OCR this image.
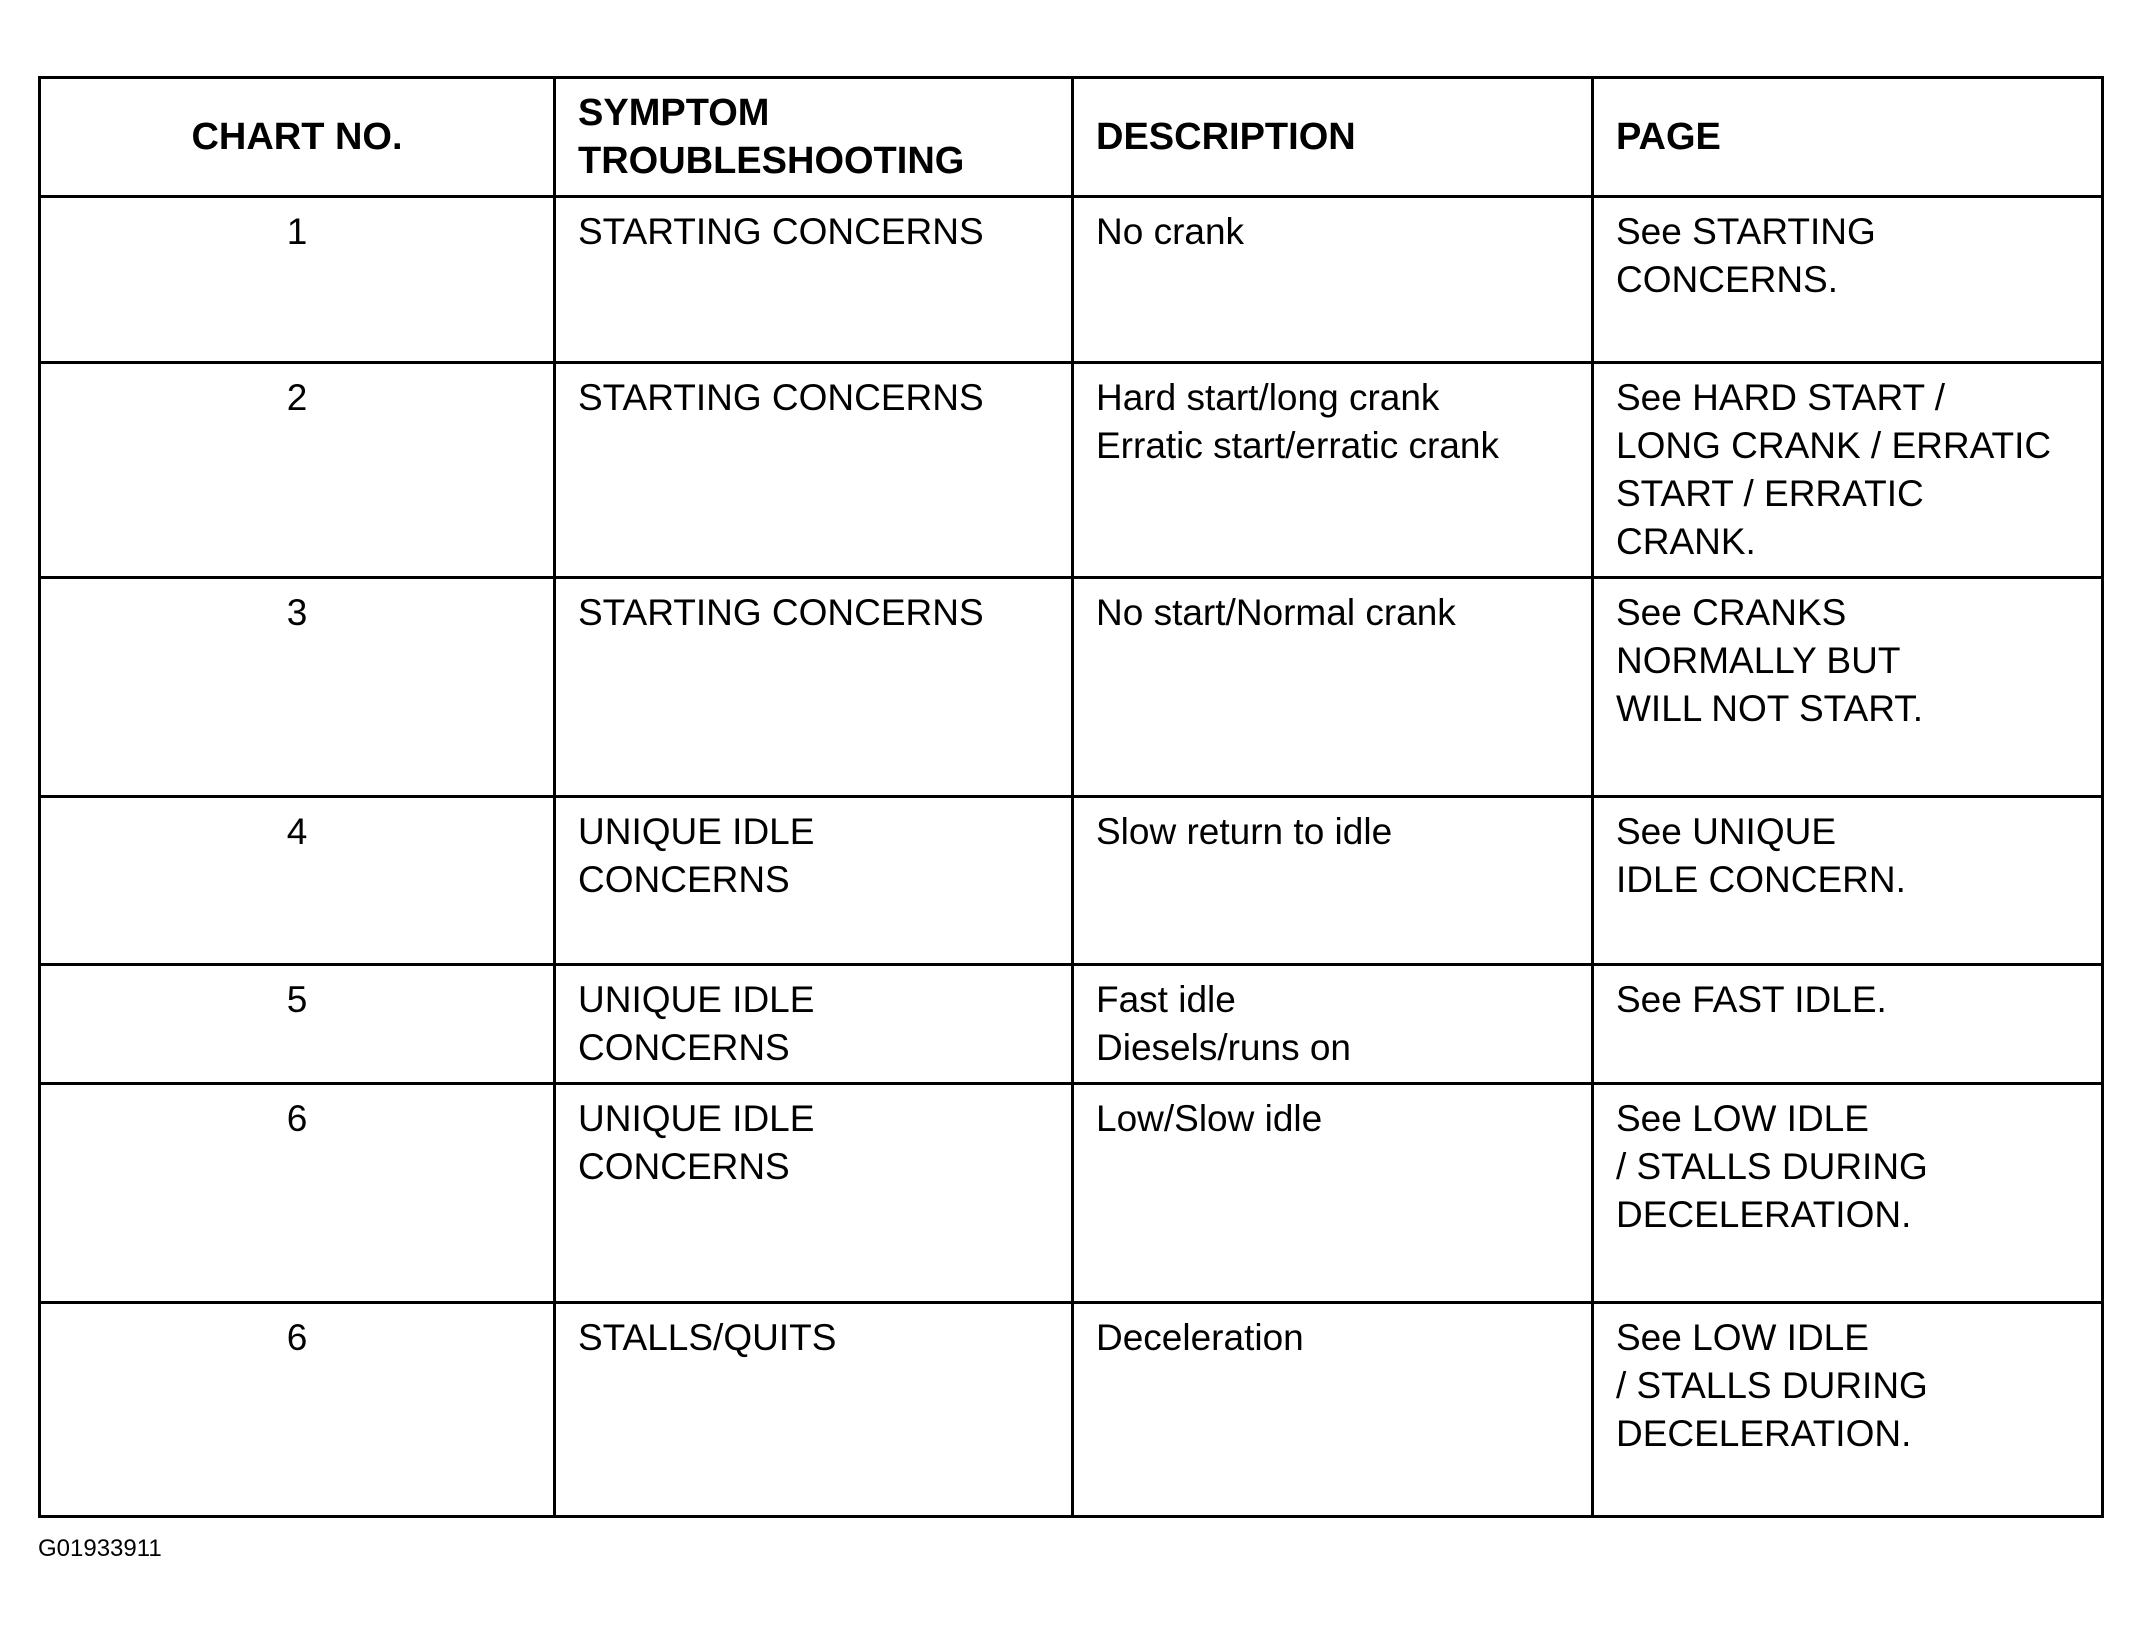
CHART NO.	SYMPTOM
TROUBLESHOOTING	DESCRIPTION	PAGE

1	STARTING CONCERNS	No crank	See STARTING
CONCERNS.

2	STARTING CONCERNS	Hard start/long crank
Erratic start/erratic crank	See HARD START /
LONG CRANK / ERRATIC
START / ERRATIC
CRANK.

3	STARTING CONCERNS	No start/Normal crank	See CRANKS
NORMALLY BUT
WILL NOT START.

4	UNIQUE IDLE
CONCERNS	Slow return to idle	See UNIQUE
IDLE CONCERN.

5	UNIQUE IDLE
CONCERNS	Fast idle
Diesels/runs on	See FAST IDLE.

6	UNIQUE IDLE
CONCERNS	Low/Slow idle	See LOW IDLE
/ STALLS DURING
DECELERATION.

6	STALLS/QUITS	Deceleration	See LOW IDLE
/ STALLS DURING
DECELERATION.
G01933911
